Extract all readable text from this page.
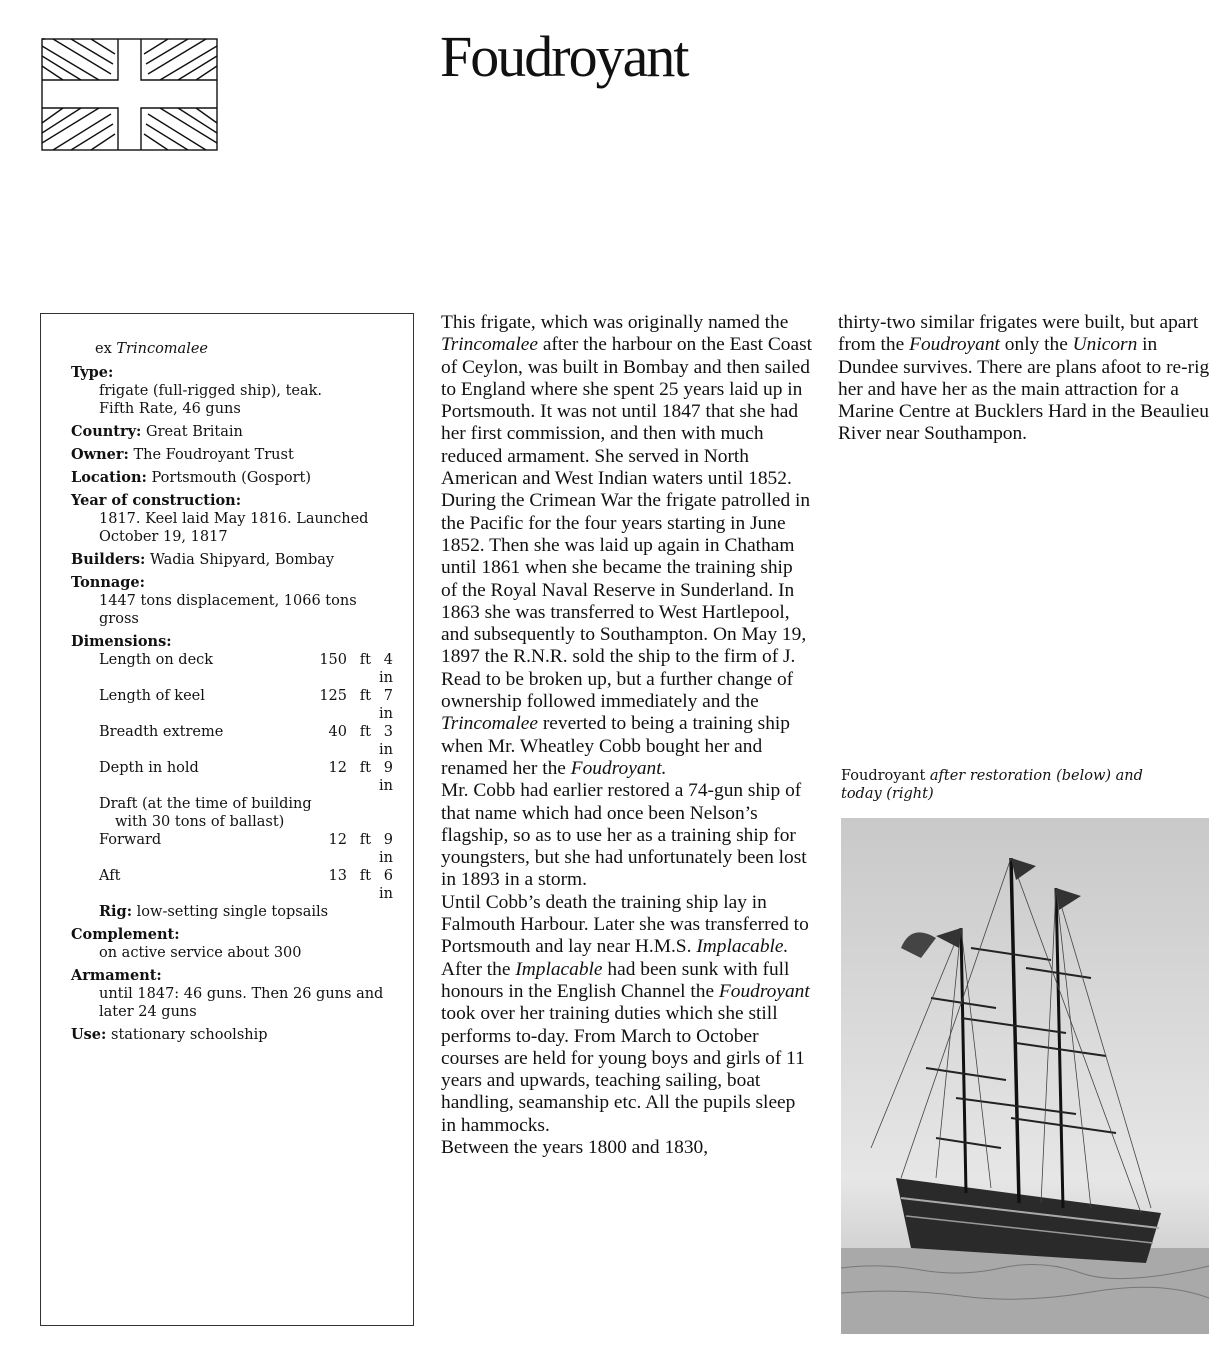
Foudroyant
ex Trincomalee
Type:
frigate (full-rigged ship), teak.
Fifth Rate, 46 guns
Country: Great Britain
Owner: The Foudroyant Trust
Location: Portsmouth (Gosport)
Year of construction:
1817. Keel laid May 1816. Launched
October 19, 1817
Builders: Wadia Shipyard, Bombay
Tonnage:
1447 tons displacement, 1066 tons
gross
Dimensions:
Length on deck	150 ft 4 in
Length of keel	125 ft 7 in
Breadth extreme	40 ft 3 in
Depth in hold	12 ft 9 in
Draft (at the time of building
with 30 tons of ballast)
Forward	12 ft 9 in
Aft	13 ft 6 in
Rig: low-setting single topsails
Complement:
on active service about 300
Armament:
until 1847: 46 guns. Then 26 guns and
later 24 guns
Use: stationary schoolship

This frigate, which was originally named the Trincomalee after the harbour on the East Coast of Ceylon, was built in Bombay and then sailed to England where she spent 25 years laid up in Portsmouth. It was not until 1847 that she had her first commission, and then with much reduced armament. She served in North American and West Indian waters until 1852. During the Crimean War the frigate patrolled in the Pacific for the four years starting in June 1852. Then she was laid up again in Chatham until 1861 when she became the training ship of the Royal Naval Reserve in Sunderland. In 1863 she was transferred to West Hartlepool, and subsequently to Southampton. On May 19, 1897 the R.N.R. sold the ship to the firm of J. Read to be broken up, but a further change of ownership followed immediately and the Trincomalee reverted to being a training ship when Mr. Wheatley Cobb bought her and renamed her the Foudroyant.

Mr. Cobb had earlier restored a 74-gun ship of that name which had once been Nelson’s flagship, so as to use her as a training ship for youngsters, but she had unfortunately been lost in 1893 in a storm.

Until Cobb’s death the training ship lay in Falmouth Harbour. Later she was transferred to Portsmouth and lay near H.M.S. Implacable. After the Implacable had been sunk with full honours in the English Channel the Foudroyant took over her training duties which she still performs to-day. From March to October courses are held for young boys and girls of 11 years and upwards, teaching sailing, boat handling, seamanship etc. All the pupils sleep in hammocks.

Between the years 1800 and 1830,

thirty-two similar frigates were built, but apart from the Foudroyant only the Unicorn in Dundee survives. There are plans afoot to re-rig her and have her as the main attraction for a Marine Centre at Bucklers Hard in the Beaulieu River near Southampon.

Foudroyant after restoration (below) and
today (right)
